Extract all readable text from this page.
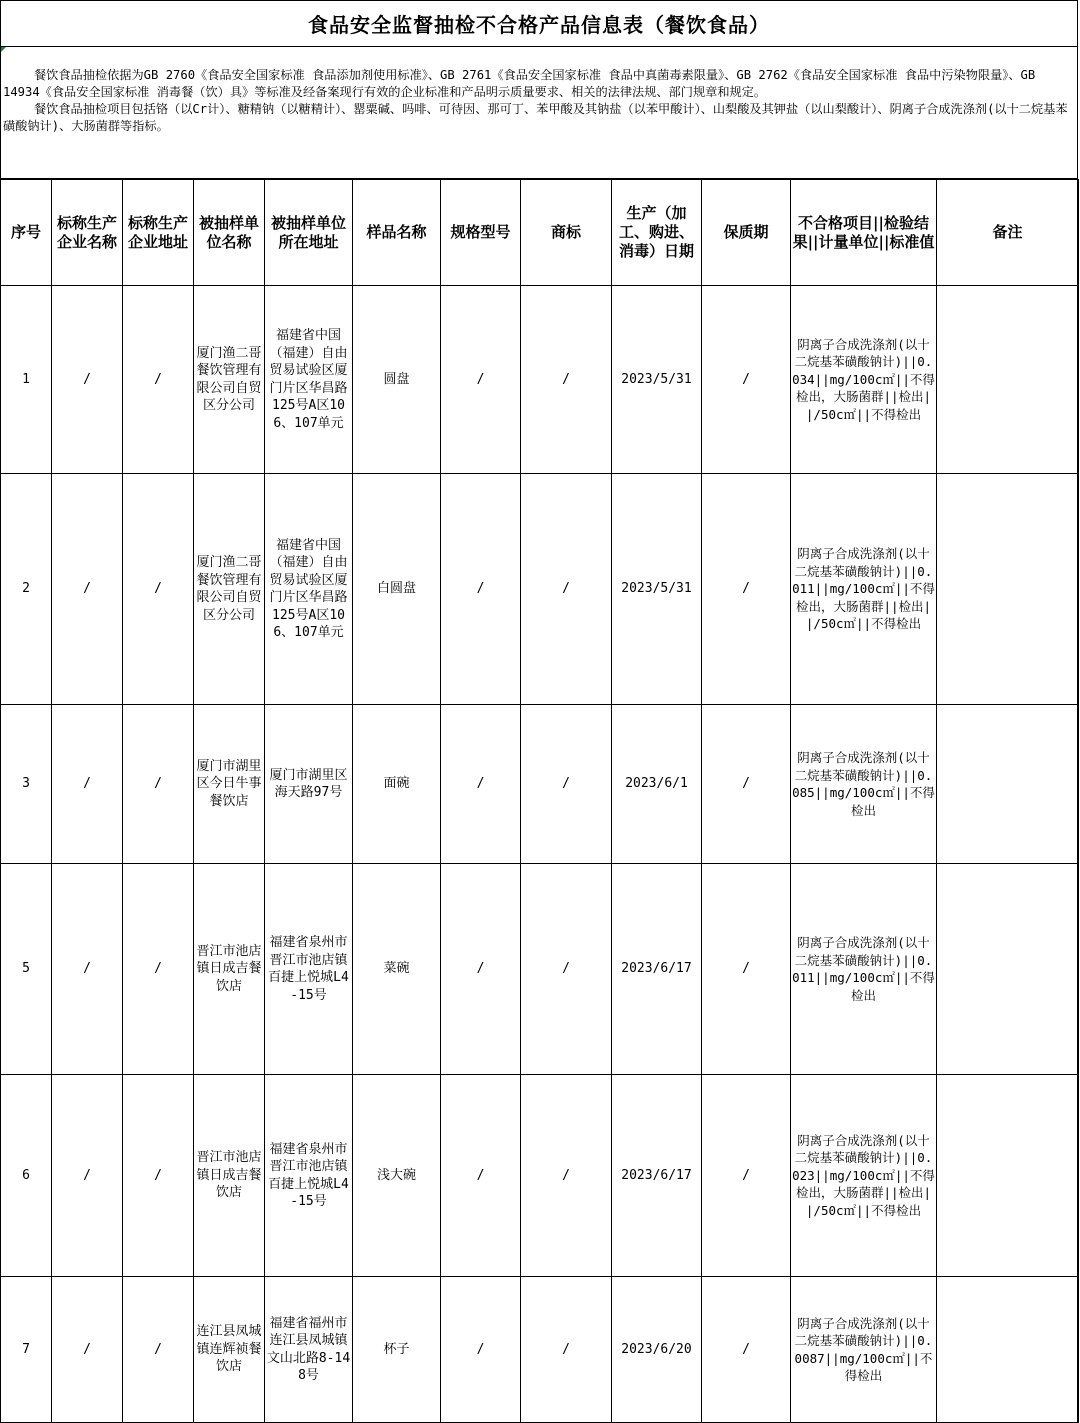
食品安全监督抽检不合格产品信息表（餐饮食品）

餐饮食品抽检依据为GB 2760《食品安全国家标准 食品添加剂使用标准》、GB 2761《食品安全国家标准 食品中真菌毒素限量》、GB 2762《食品安全国家标准 食品中污染物限量》、GB 14934《食品安全国家标准 消毒餐（饮）具》等标准及经备案现行有效的企业标准和产品明示质量要求、相关的法律法规、部门规章和规定。

餐饮食品抽检项目包括铬（以Cr计）、糖精钠（以糖精计）、罂粟碱、吗啡、可待因、那可丁、苯甲酸及其钠盐（以苯甲酸计）、山梨酸及其钾盐（以山梨酸计）、阴离子合成洗涤剂(以十二烷基苯磺酸钠计)、大肠菌群等指标。

序号	标称生产企业名称	标称生产企业地址	被抽样单位名称	被抽样单位所在地址	样品名称	规格型号	商标	生产（加工、购进、消毒）日期	保质期	不合格项目||检验结果||计量单位||标准值	备注
1	/	/	厦门渔二哥餐饮管理有限公司自贸区分公司	福建省中国（福建）自由贸易试验区厦门片区华昌路125号A区106、107单元	圆盘	/	/	2023/5/31	/	阴离子合成洗涤剂(以十二烷基苯磺酸钠计)||0.034||mg/100c㎡||不得检出，大肠菌群||检出||/50c㎡||不得检出	
2	/	/	厦门渔二哥餐饮管理有限公司自贸区分公司	福建省中国（福建）自由贸易试验区厦门片区华昌路125号A区106、107单元	白圆盘	/	/	2023/5/31	/	阴离子合成洗涤剂(以十二烷基苯磺酸钠计)||0.011||mg/100c㎡||不得检出，大肠菌群||检出||/50c㎡||不得检出	
3	/	/	厦门市湖里区今日牛事餐饮店	厦门市湖里区海天路97号	面碗	/	/	2023/6/1	/	阴离子合成洗涤剂(以十二烷基苯磺酸钠计)||0.085||mg/100c㎡||不得检出	
5	/	/	晋江市池店镇日成吉餐饮店	福建省泉州市晋江市池店镇百捷上悦城L4-15号	菜碗	/	/	2023/6/17	/	阴离子合成洗涤剂(以十二烷基苯磺酸钠计)||0.011||mg/100c㎡||不得检出	
6	/	/	晋江市池店镇日成吉餐饮店	福建省泉州市晋江市池店镇百捷上悦城L4-15号	浅大碗	/	/	2023/6/17	/	阴离子合成洗涤剂(以十二烷基苯磺酸钠计)||0.023||mg/100c㎡||不得检出，大肠菌群||检出||/50c㎡||不得检出	
7	/	/	连江县凤城镇连辉祯餐饮店	福建省福州市连江县凤城镇文山北路8-148号	杯子	/	/	2023/6/20	/	阴离子合成洗涤剂(以十二烷基苯磺酸钠计)||0.0087||mg/100c㎡||不得检出	
